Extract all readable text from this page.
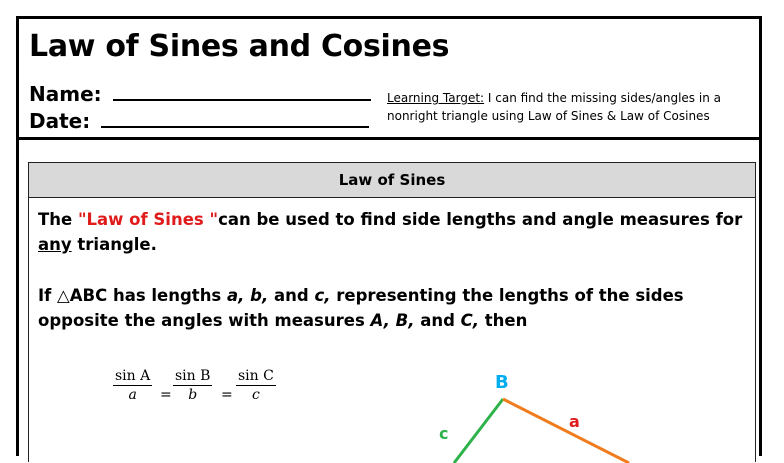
Law of Sines and Cosines
Name:
Date:
Learning Target: I can find the missing sides/angles in a nonright triangle using Law of Sines & Law of Cosines
Law of Sines
The "Law of Sines "can be used to find side lengths and angle measures for any triangle.
If △ABC has lengths a, b, and c, representing the lengths of the sides opposite the angles with measures A, B, and C, then
$\frac{\text{sin A}}{a} = \frac{\text{sin B}}{b} = \frac{\text{sin C}}{c}$	B
a
c
